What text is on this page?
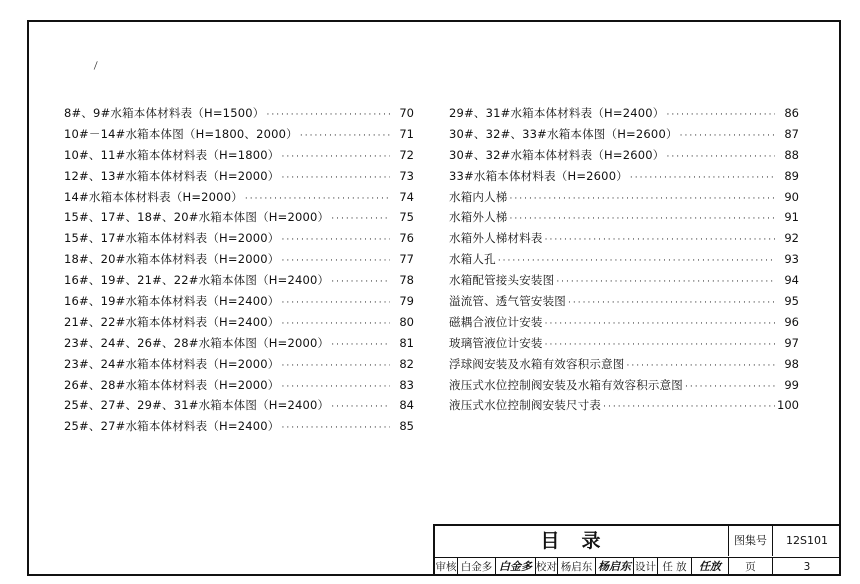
⁄
8#、9#水箱本体材料表（H=1500） ·····	70
10#－14#水箱本体图（H=1800、2000） ·····	71
10#、11#水箱本体材料表（H=1800） ·····	72
12#、13#水箱本体材料表（H=2000） ·····	73
14#水箱本体材料表（H=2000） ·····	74
15#、17#、18#、20#水箱本体图（H=2000） ·····	75
15#、17#水箱本体材料表（H=2000） ·····	76
18#、20#水箱本体材料表（H=2000） ·····	77
16#、19#、21#、22#水箱本体图（H=2400） ·····	78
16#、19#水箱本体材料表（H=2400） ·····	79
21#、22#水箱本体材料表（H=2400） ·····	80
23#、24#、26#、28#水箱本体图（H=2000） ·····	81
23#、24#水箱本体材料表（H=2000） ·····	82
26#、28#水箱本体材料表（H=2000） ·····	83
25#、27#、29#、31#水箱本体图（H=2400） ·····	84
25#、27#水箱本体材料表（H=2400） ·····	85
29#、31#水箱本体材料表（H=2400） ·····	86
30#、32#、33#水箱本体图（H=2600） ·····	87
30#、32#水箱本体材料表（H=2600） ·····	88
33#水箱本体材料表（H=2600） ·····	89
水箱内人梯 ·····	90
水箱外人梯 ·····	91
水箱外人梯材料表 ·····	92
水箱人孔 ·····	93
水箱配管接头安装图 ·····	94
溢流管、透气管安装图 ·····	95
磁耦合液位计安装 ·····	96
玻璃管液位计安装 ·····	97
浮球阀安装及水箱有效容积示意图 ·····	98
液压式水位控制阀安装及水箱有效容积示意图 ·····	99
液压式水位控制阀安装尺寸表 ·····	100
目录	图集号	12S101
审核 白金多 白金多 校对 杨启东 杨启东 设计 任 放	任放	页	3
